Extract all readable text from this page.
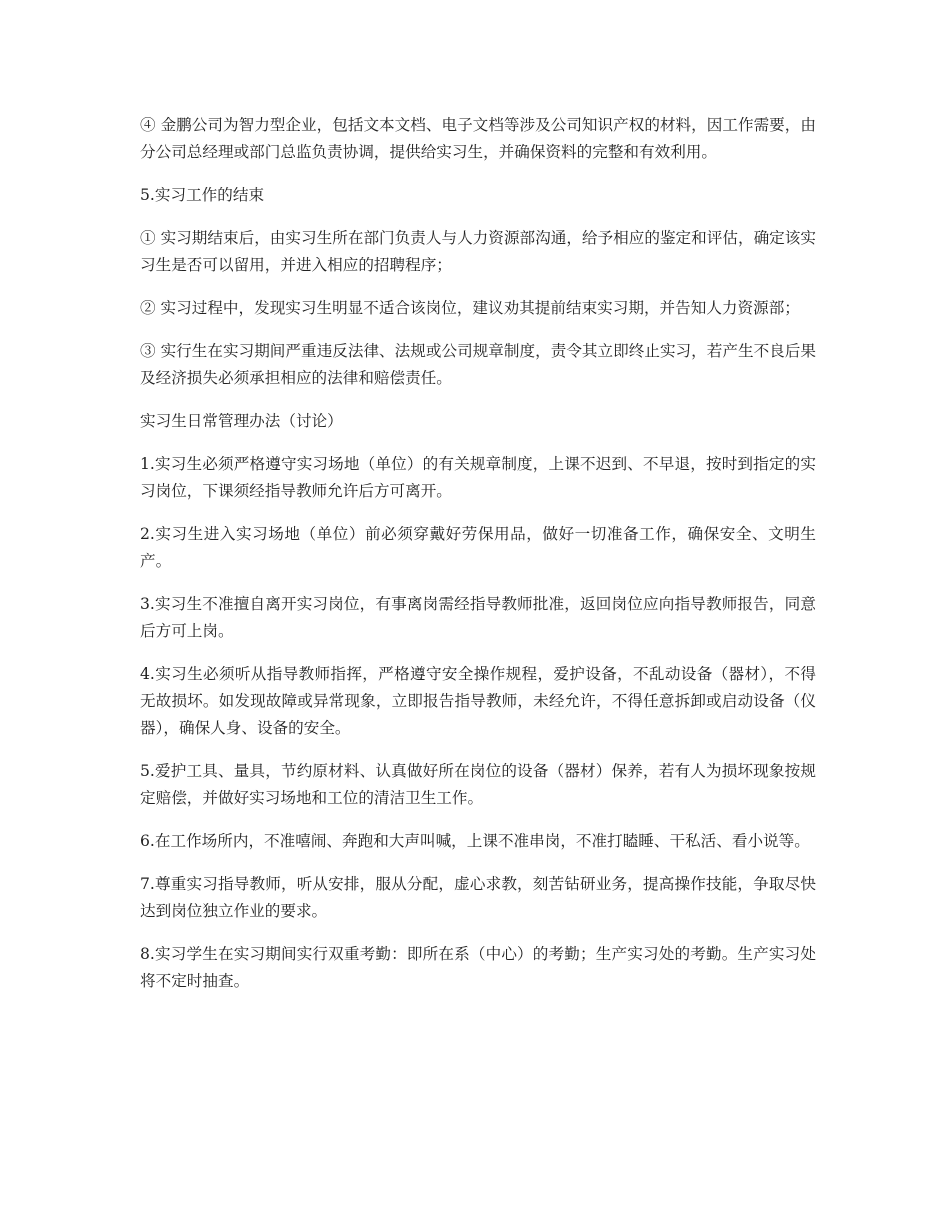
④ 金鹏公司为智力型企业，包括文本文档、电子文档等涉及公司知识产权的材料，因工作需要，由分公司总经理或部门总监负责协调，提供给实习生，并确保资料的完整和有效利用。

5.实习工作的结束

① 实习期结束后，由实习生所在部门负责人与人力资源部沟通，给予相应的鉴定和评估，确定该实习生是否可以留用，并进入相应的招聘程序；

② 实习过程中，发现实习生明显不适合该岗位，建议劝其提前结束实习期，并告知人力资源部；

③ 实行生在实习期间严重违反法律、法规或公司规章制度，责令其立即终止实习，若产生不良后果及经济损失必须承担相应的法律和赔偿责任。

实习生日常管理办法（讨论）

1.实习生必须严格遵守实习场地（单位）的有关规章制度，上课不迟到、不早退，按时到指定的实习岗位，下课须经指导教师允许后方可离开。

2.实习生进入实习场地（单位）前必须穿戴好劳保用品，做好一切准备工作，确保安全、文明生产。

3.实习生不准擅自离开实习岗位，有事离岗需经指导教师批准，返回岗位应向指导教师报告，同意后方可上岗。

4.实习生必须听从指导教师指挥，严格遵守安全操作规程，爱护设备，不乱动设备（器材），不得无故损坏。如发现故障或异常现象，立即报告指导教师，未经允许，不得任意拆卸或启动设备（仪器），确保人身、设备的安全。

5.爱护工具、量具，节约原材料、认真做好所在岗位的设备（器材）保养，若有人为损坏现象按规定赔偿，并做好实习场地和工位的清洁卫生工作。

6.在工作场所内，不准嘻闹、奔跑和大声叫喊，上课不准串岗，不准打瞌睡、干私活、看小说等。

7.尊重实习指导教师，听从安排，服从分配，虚心求教，刻苦钻研业务，提高操作技能，争取尽快达到岗位独立作业的要求。

8.实习学生在实习期间实行双重考勤：即所在系（中心）的考勤；生产实习处的考勤。生产实习处将不定时抽查。
